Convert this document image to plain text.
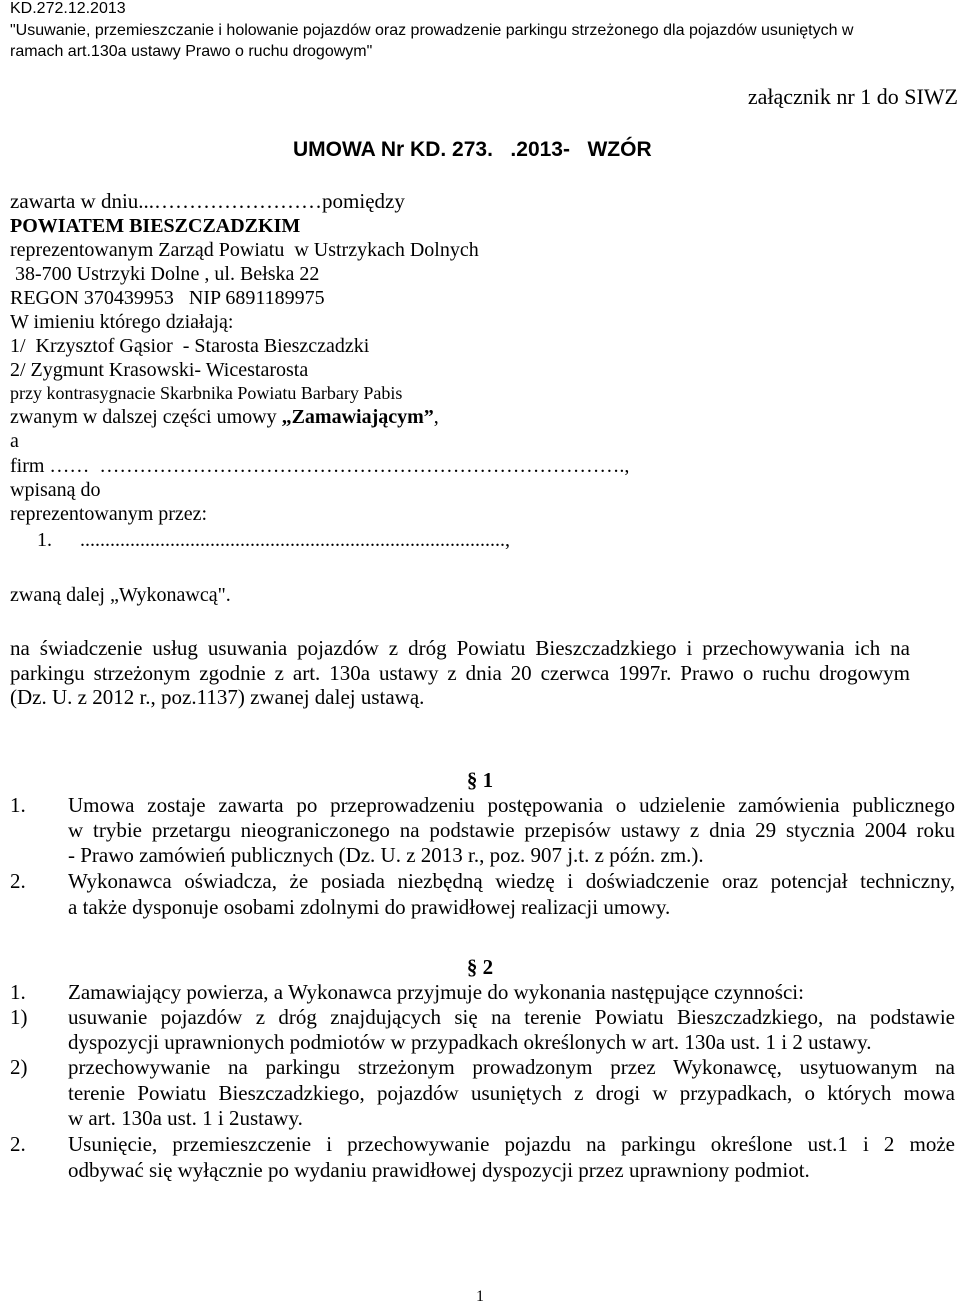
KD.272.12.2013
"Usuwanie, przemieszczanie i holowanie pojazdów oraz prowadzenie parkingu strzeżonego dla pojazdów usuniętych w
ramach art.130a ustawy Prawo o ruchu drogowym"
załącznik nr 1 do SIWZ
UMOWA Nr KD. 273.   .2013-   WZÓR
zawarta w dniu...……………………pomiędzy
POWIATEM BIESZCZADZKIM
reprezentowanym Zarząd Powiatu  w Ustrzykach Dolnych
38-700 Ustrzyki Dolne , ul. Bełska 22
REGON 370439953   NIP 6891189975
W imieniu którego działają:
1/  Krzysztof Gąsior  - Starosta Bieszczadzki
2/ Zygmunt Krasowski- Wicestarosta
przy kontrasygnacie Skarbnika Powiatu Barbary Pabis
zwanym w dalszej części umowy „Zamawiającym”,
a
firm ……  …………………………………………………………………….,
wpisaną do
reprezentowanym przez:
1. .....................................................................................,
zwaną dalej „Wykonawcą".
na świadczenie usług usuwania pojazdów z dróg Powiatu Bieszczadzkiego i przechowywania ich na
parkingu strzeżonym zgodnie z art. 130a ustawy z dnia 20 czerwca 1997r. Prawo o ruchu drogowym
(Dz. U. z 2012 r., poz.1137) zwanej dalej ustawą.
§ 1
1. Umowa zostaje zawarta po przeprowadzeniu postępowania o udzielenie zamówienia publicznego
w trybie przetargu nieograniczonego na podstawie przepisów ustawy z dnia 29 stycznia 2004 roku
- Prawo zamówień publicznych (Dz. U. z 2013 r., poz. 907 j.t. z późn. zm.).
2. Wykonawca oświadcza, że posiada niezbędną wiedzę i doświadczenie oraz potencjał techniczny,
a także dysponuje osobami zdolnymi do prawidłowej realizacji umowy.
§ 2
1. Zamawiający powierza, a Wykonawca przyjmuje do wykonania następujące czynności:
1) usuwanie pojazdów z dróg znajdujących się na terenie Powiatu Bieszczadzkiego, na podstawie
dyspozycji uprawnionych podmiotów w przypadkach określonych w art. 130a ust. 1 i 2 ustawy.
2) przechowywanie na parkingu strzeżonym prowadzonym przez Wykonawcę, usytuowanym na
terenie Powiatu Bieszczadzkiego, pojazdów usuniętych z drogi w przypadkach, o których mowa
w art. 130a ust. 1 i 2ustawy.
2. Usunięcie, przemieszczenie i przechowywanie pojazdu na parkingu określone ust.1 i 2 może
odbywać się wyłącznie po wydaniu prawidłowej dyspozycji przez uprawniony podmiot.
1
